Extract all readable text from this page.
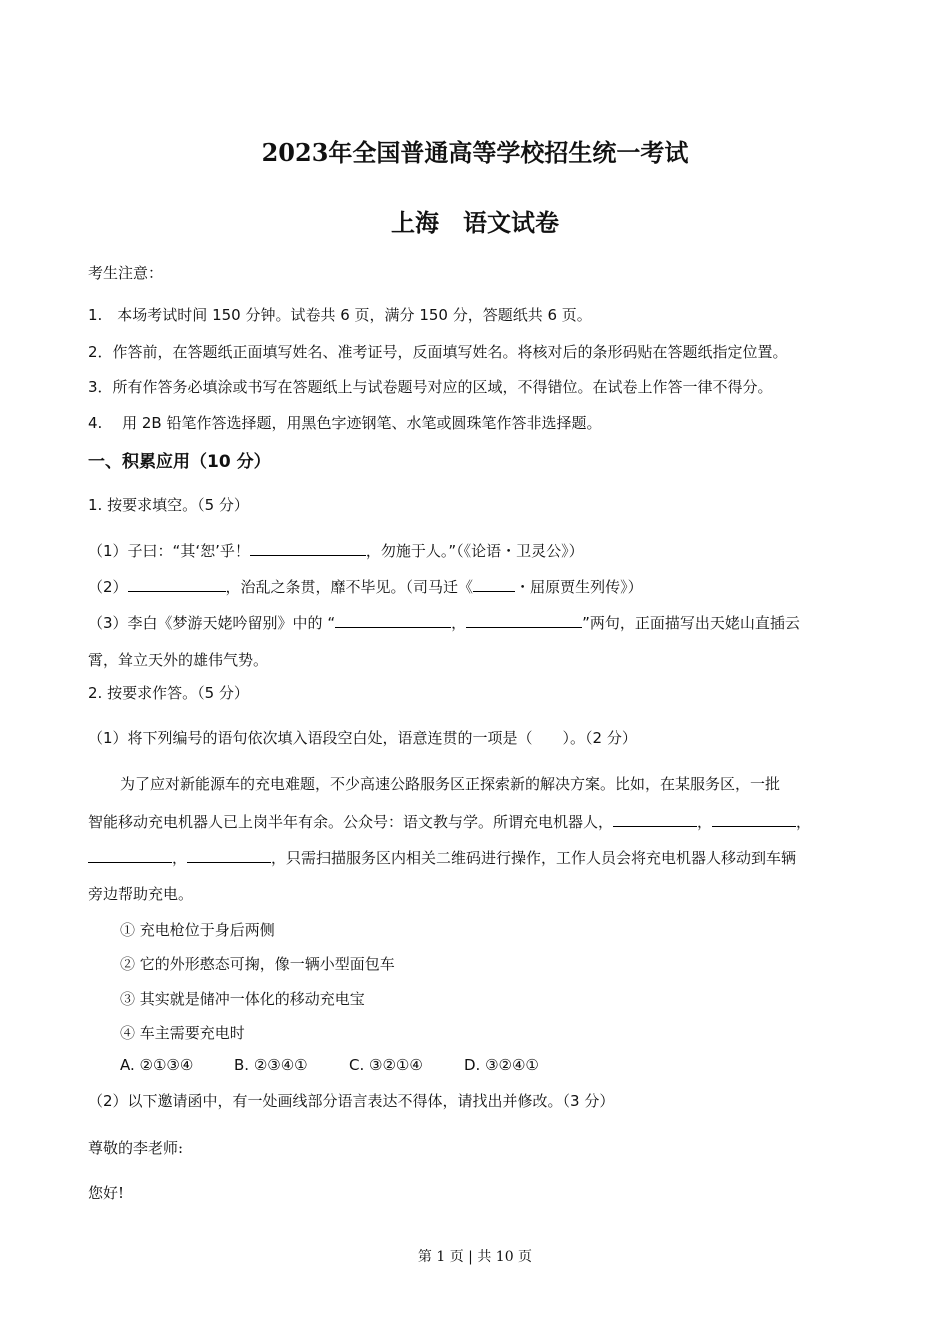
2023年全国普通高等学校招生统一考试
上海　语文试卷
考生注意：
1.　本场考试时间 150 分钟。试卷共 6 页，满分 150 分，答题纸共 6 页。
2．作答前，在答题纸正面填写姓名、准考证号，反面填写姓名。将核对后的条形码贴在答题纸指定位置。
3．所有作答务必填涂或书写在答题纸上与试卷题号对应的区域，不得错位。在试卷上作答一律不得分。
4.　 用 2B 铅笔作答选择题，用黑色字迹钢笔、水笔或圆珠笔作答非选择题。
一、积累应用（10 分）
1. 按要求填空。（5 分）
（1）子曰：“其‘恕’乎！	，勿施于人。”（《论语・卫灵公》）
（2）	，治乱之条贯，靡不毕见。（司马迁《	・屈原贾生列传》）
（3）李白《梦游天姥吟留别》中的 “	，	”两句，正面描写出天姥山直插云
霄，耸立天外的雄伟气势。
2. 按要求作答。（5 分）
（1）将下列编号的语句依次填入语段空白处，语意连贯的一项是（　　）。（2 分）
为了应对新能源车的充电难题，不少高速公路服务区正探索新的解决方案。比如，在某服务区，一批
智能移动充电机器人已上岗半年有余。公众号：语文教与学。所谓充电机器人，	，	，
，	，只需扫描服务区内相关二维码进行操作，工作人员会将充电机器人移动到车辆
旁边帮助充电。
① 充电枪位于身后两侧
② 它的外形憨态可掬，像一辆小型面包车
③ 其实就是储冲一体化的移动充电宝
④ 车主需要充电时
A. ②①③④	B. ②③④①	C. ③②①④	D. ③②④①
（2）以下邀请函中，有一处画线部分语言表达不得体，请找出并修改。（3 分）
尊敬的李老师:
您好!
第 1 页 | 共 10 页
